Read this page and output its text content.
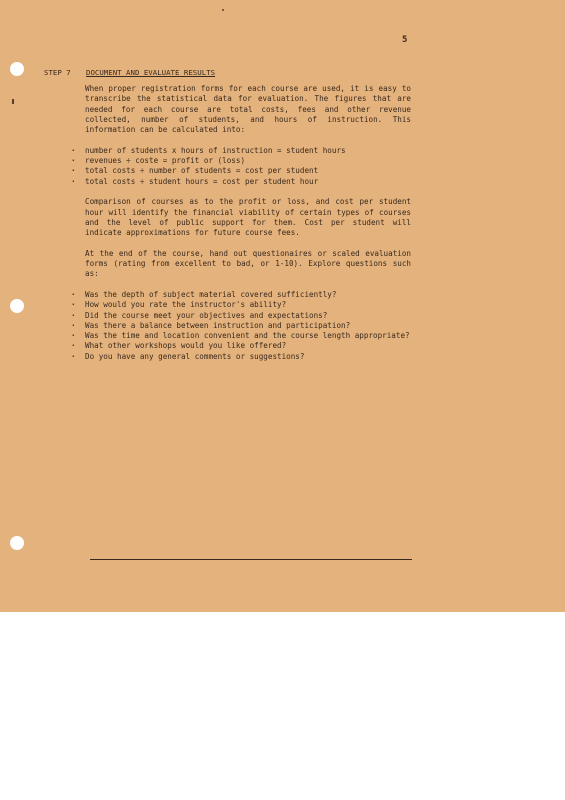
5
STEP 7 DOCUMENT AND EVALUATE RESULTS

When proper registration forms for each course are used, it is easy to transcribe the statistical data for evaluation. The figures that are needed for each course are total costs, fees and other revenue collected, number of students, and hours of instruction. This information can be calculated into:

· number of students x hours of instruction = student hours
· revenues ÷ coste = profit or (loss)
· total costs ÷ number of students = cost per student
· total costs ÷ student hours = cost per student hour

Comparison of courses as to the profit or loss, and cost per student hour will identify the financial viability of certain types of courses and the level of public support for them. Cost per student will indicate approximations for future course fees.

At the end of the course, hand out questionaires or scaled evaluation forms (rating from excellent to bad, or 1-10). Explore questions such as:

· Was the depth of subject material covered sufficiently?
· How would you rate the instructor's ability?
· Did the course meet your objectives and expectations?
· Was there a balance between instruction and participation?
· Was the time and location convenient and the course length appropriate?
· What other workshops would you like offered?
· Do you have any general comments or suggestions?
